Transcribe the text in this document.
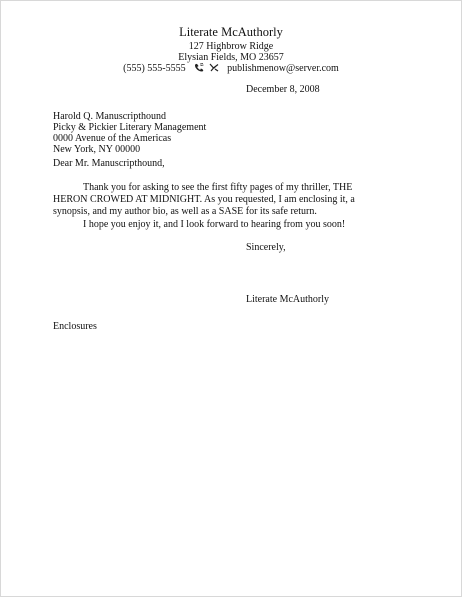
Literate McAuthorly
127 Highbrow Ridge
Elysian Fields, MO 23657
(555) 555-5555	publishmenow@server.com
December 8, 2008
Harold Q. Manuscripthound
Picky & Pickier Literary Management
0000 Avenue of the Americas
New York, NY 00000
Dear Mr. Manuscripthound,
Thank you for asking to see the first fifty pages of my thriller, THE HERON CROWED AT MIDNIGHT. As you requested, I am enclosing it, a synopsis, and my author bio, as well as a SASE for its safe return.
I hope you enjoy it, and I look forward to hearing from you soon!
Sincerely,
Literate McAuthorly
Enclosures
